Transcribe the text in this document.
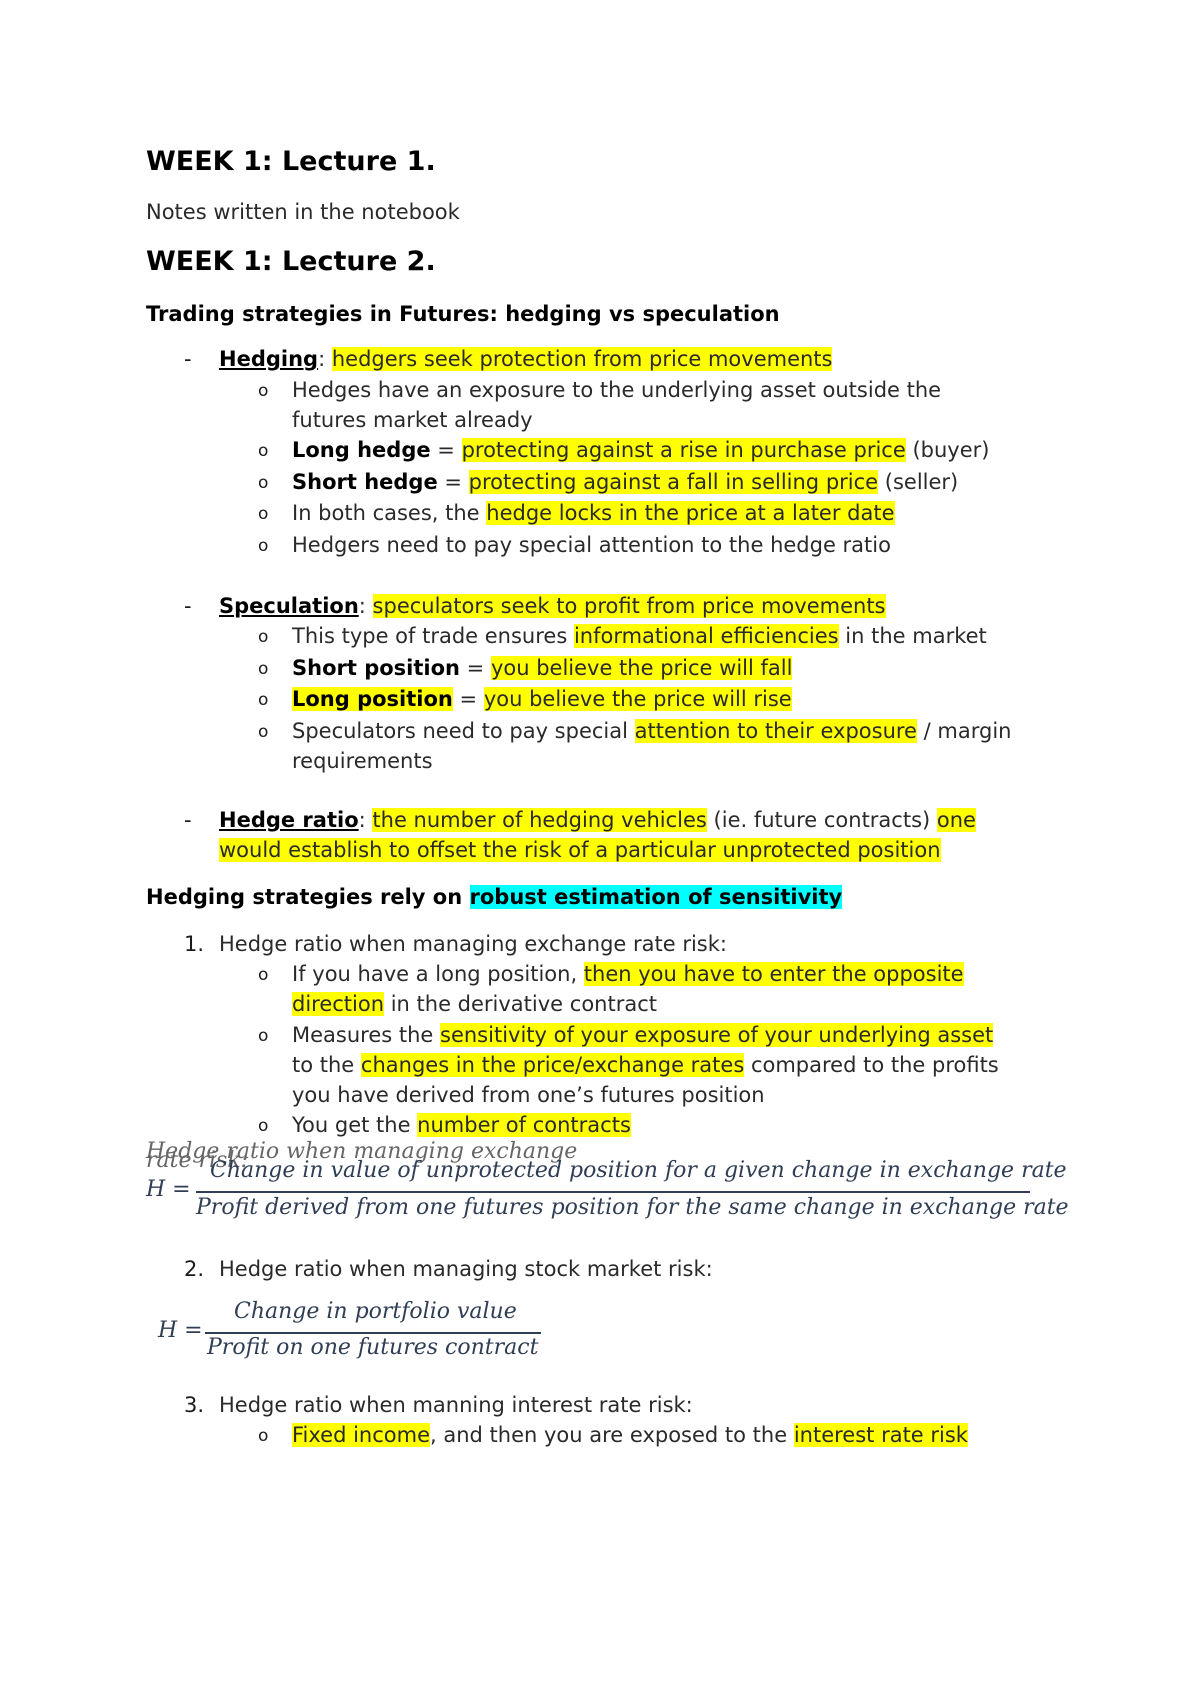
WEEK 1: Lecture 1.
Notes written in the notebook
WEEK 1: Lecture 2.
Trading strategies in Futures: hedging vs speculation
- Hedging: hedgers seek protection from price movements
o Hedges have an exposure to the underlying asset outside the
futures market already
o Long hedge = protecting against a rise in purchase price (buyer)
o Short hedge = protecting against a fall in selling price (seller)
o In both cases, the hedge locks in the price at a later date
o Hedgers need to pay special attention to the hedge ratio
- Speculation: speculators seek to profit from price movements
o This type of trade ensures informational efficiencies in the market
o Short position = you believe the price will fall
o Long position = you believe the price will rise
o Speculators need to pay special attention to their exposure / margin
requirements
- Hedge ratio: the number of hedging vehicles (ie. future contracts) one
would establish to offset the risk of a particular unprotected position
Hedging strategies rely on robust estimation of sensitivity
1. Hedge ratio when managing exchange rate risk:
o If you have a long position, then you have to enter the opposite
direction in the derivative contract
o Measures the sensitivity of your exposure of your underlying asset
to the changes in the price/exchange rates compared to the profits
you have derived from one’s futures position
o You get the number of contracts
Hedge ratio when managing exchange rate risk:
H =
Change in value of unprotected position for a given change in exchange rate
Profit derived from one futures position for the same change in exchange rate
2. Hedge ratio when managing stock market risk:
H =
Change in portfolio value
Profit on one futures contract
3. Hedge ratio when manning interest rate risk:
o Fixed income, and then you are exposed to the interest rate risk
